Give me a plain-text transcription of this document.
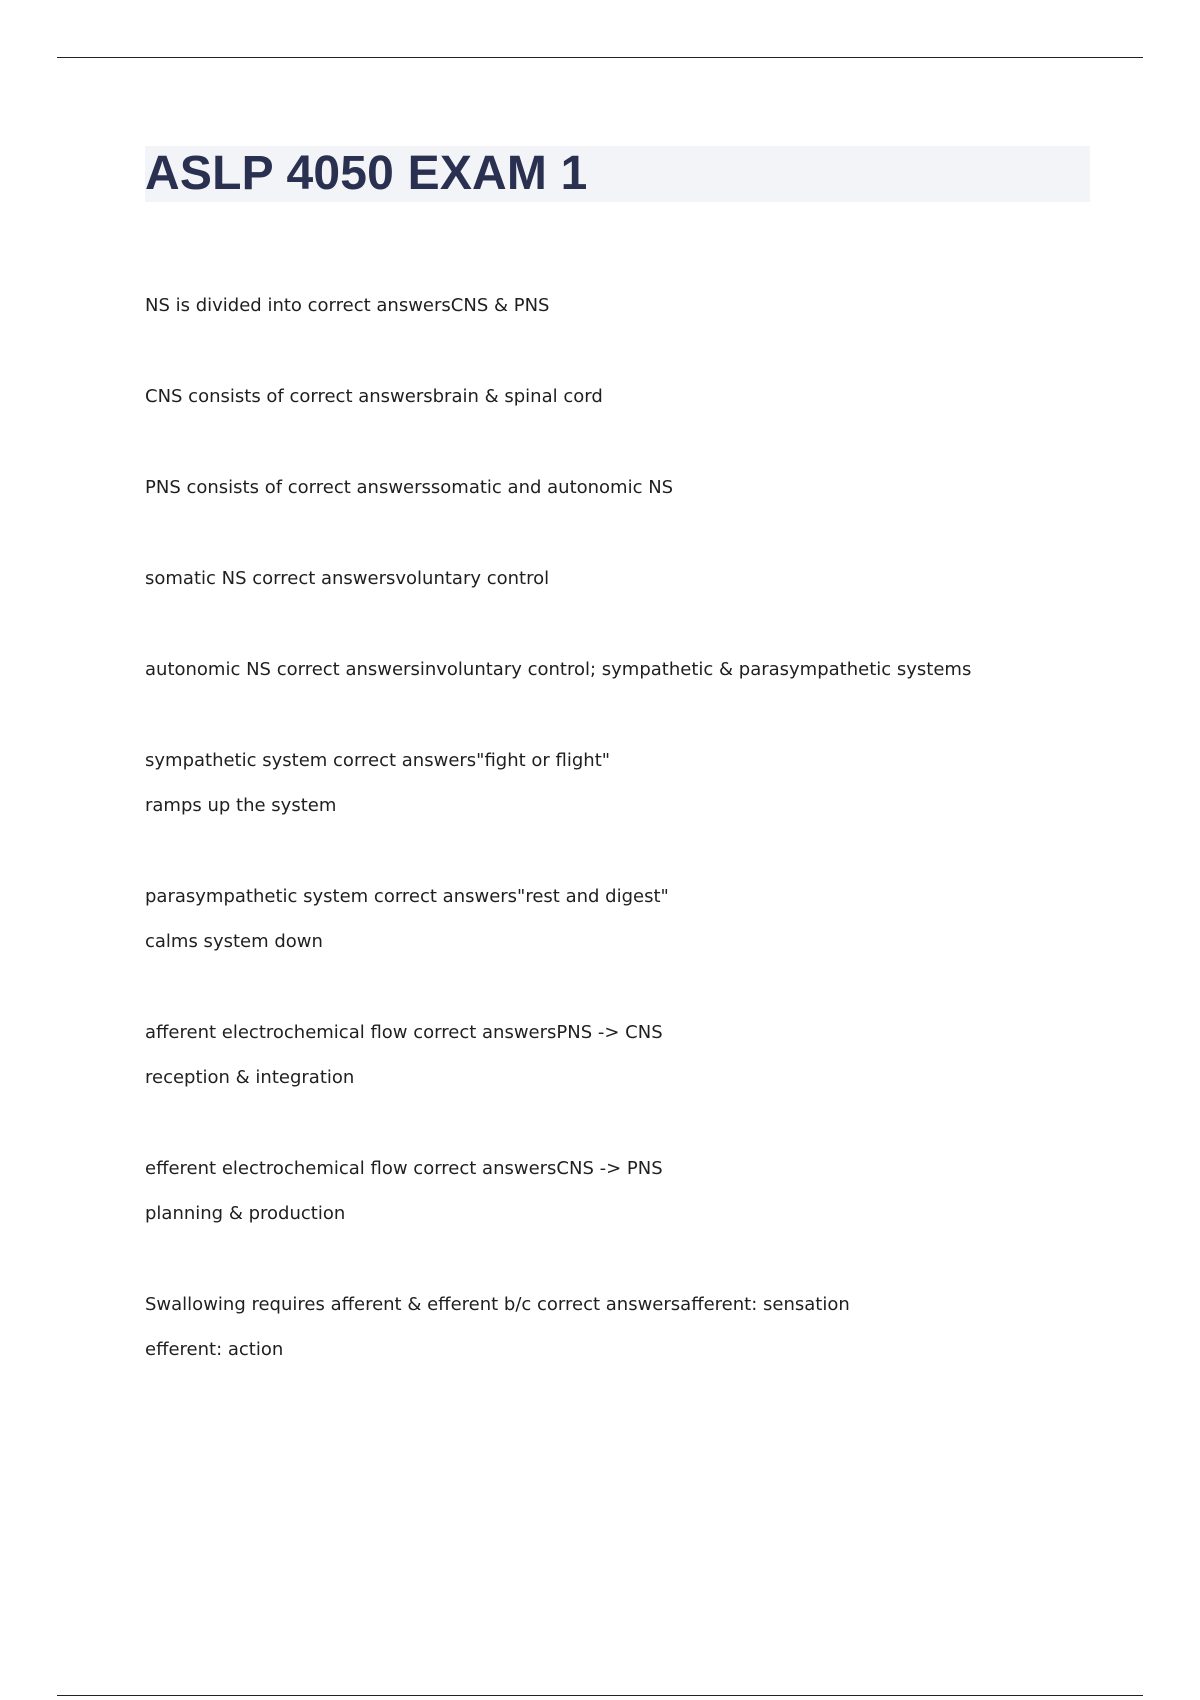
ASLP 4050 EXAM 1

NS is divided into correct answersCNS & PNS

CNS consists of correct answersbrain & spinal cord

PNS consists of correct answerssomatic and autonomic NS

somatic NS correct answersvoluntary control

autonomic NS correct answersinvoluntary control; sympathetic & parasympathetic systems

sympathetic system correct answers"fight or flight"

ramps up the system

parasympathetic system correct answers"rest and digest"

calms system down

afferent electrochemical flow correct answersPNS -> CNS

reception & integration

efferent electrochemical flow correct answersCNS -> PNS

planning & production

Swallowing requires afferent & efferent b/c correct answersafferent: sensation

efferent: action
